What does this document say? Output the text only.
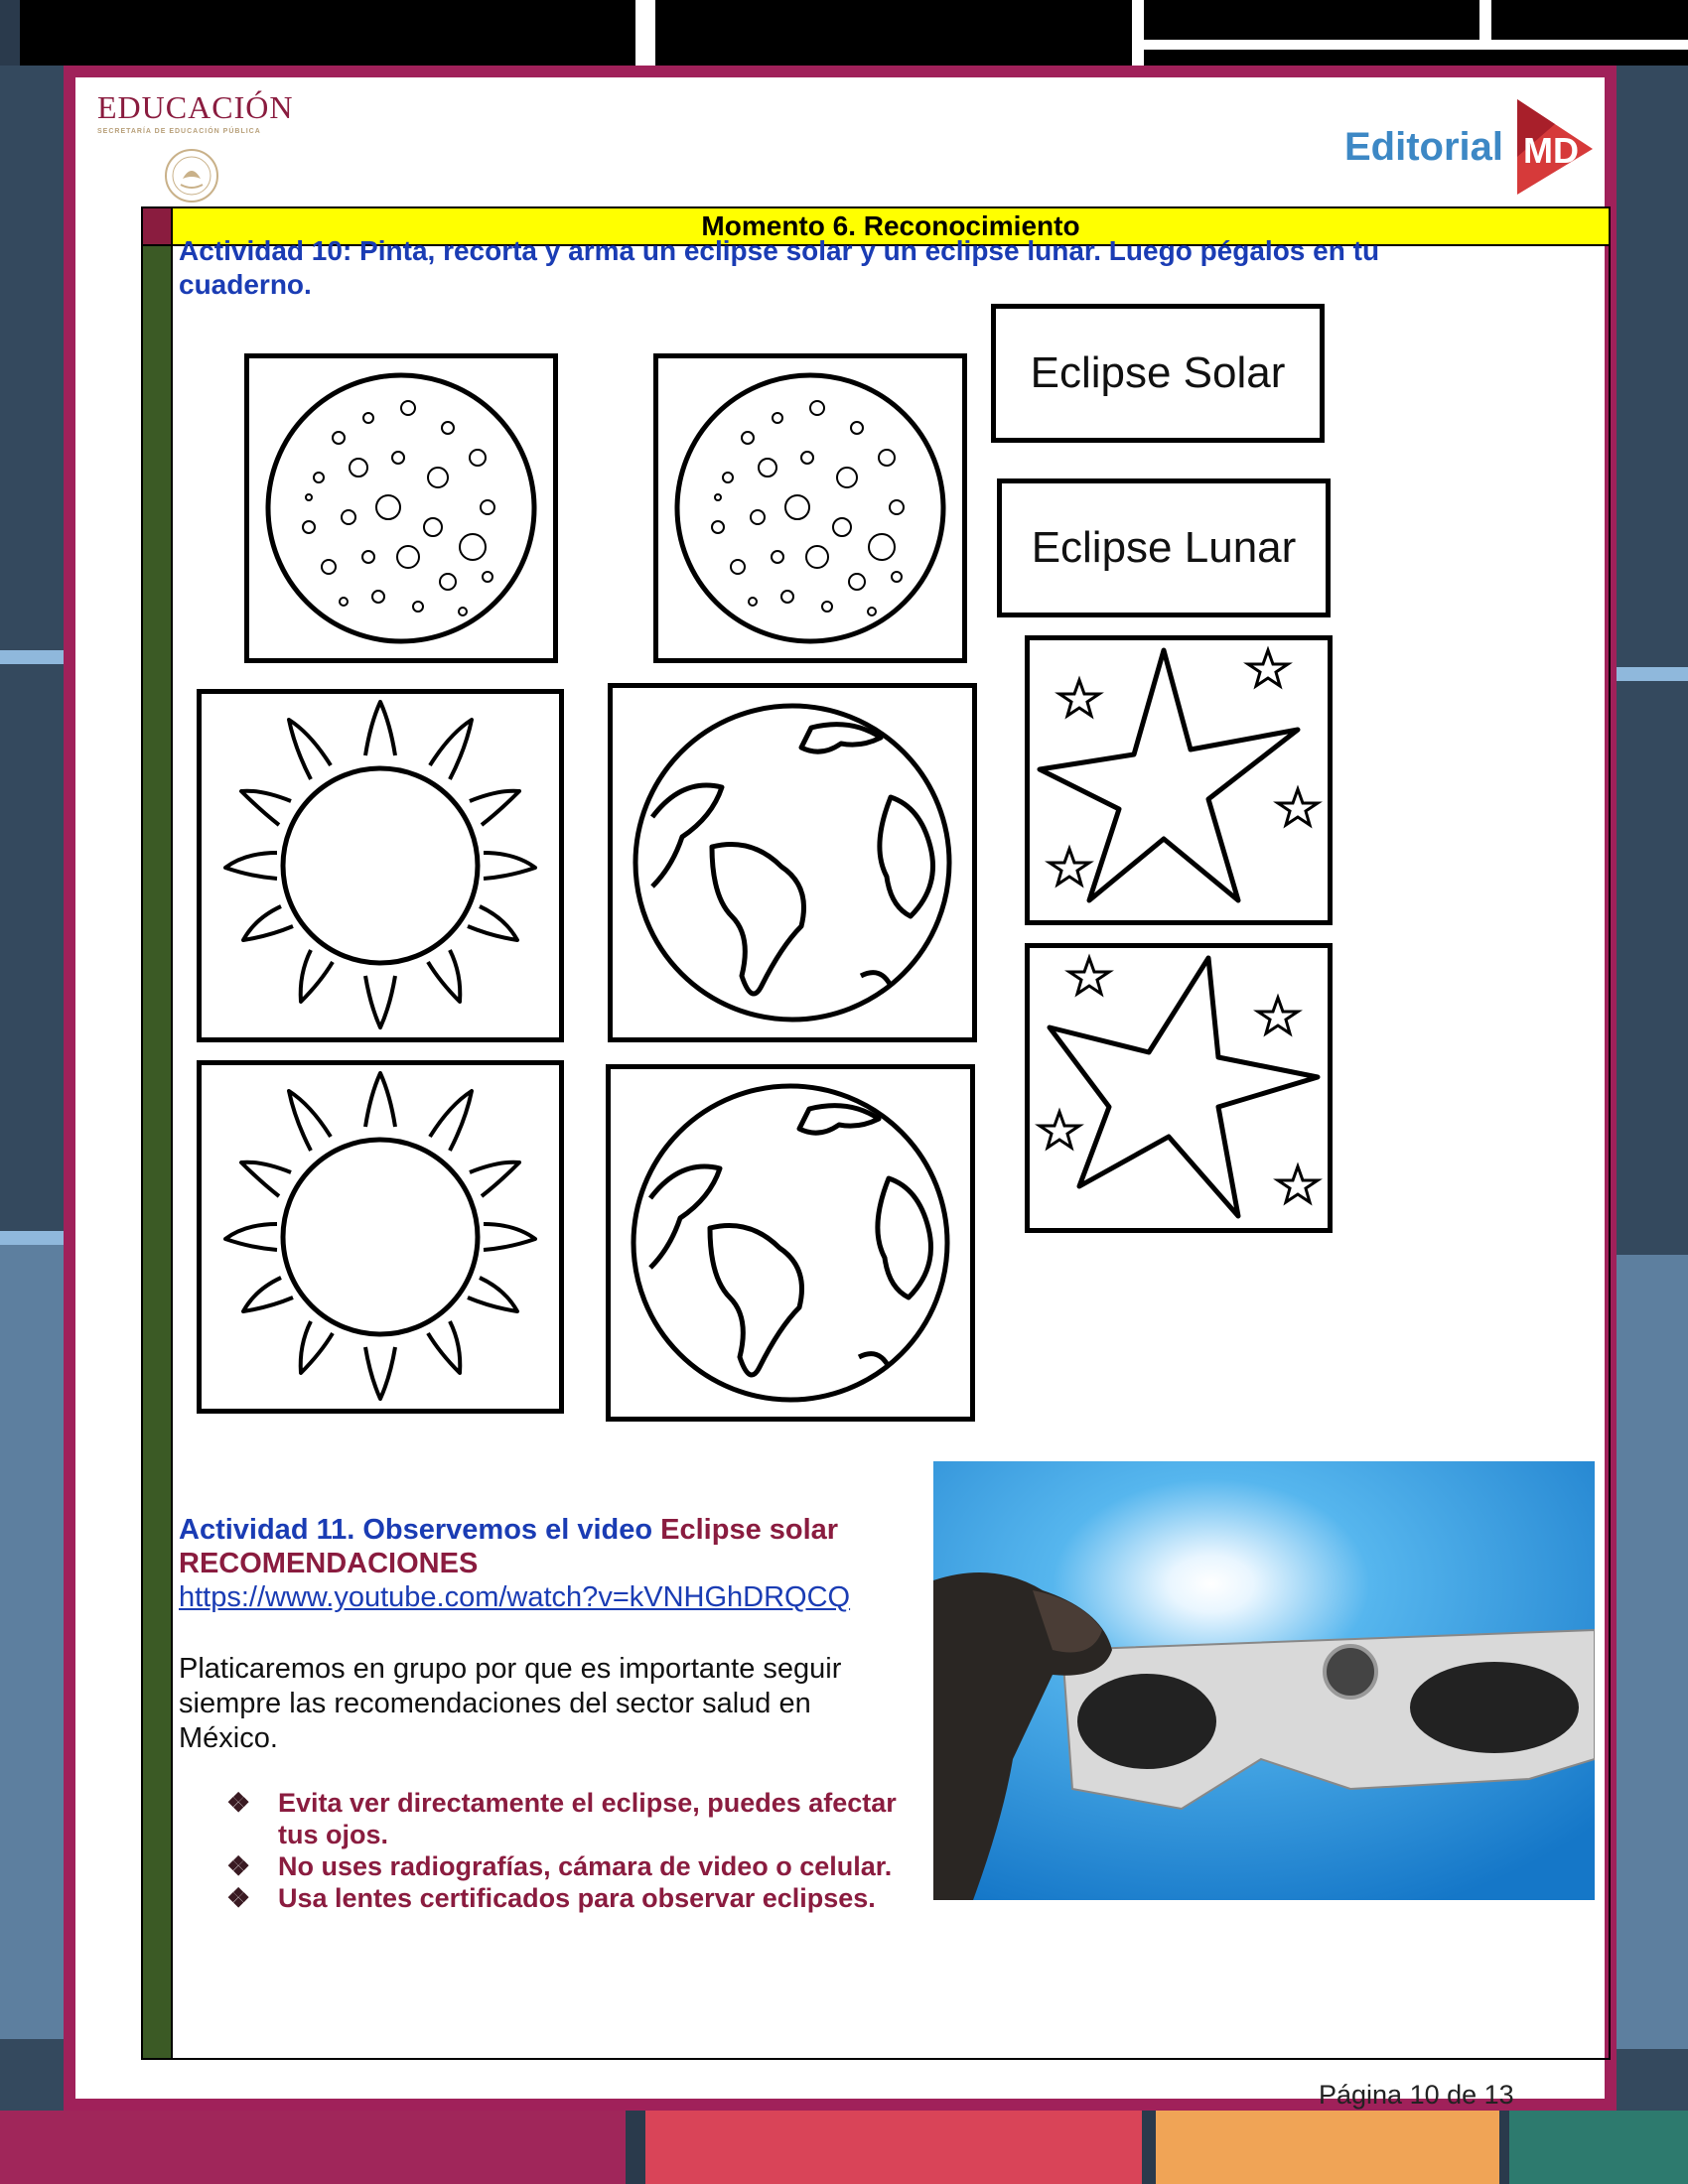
EDUCACIÓN
SECRETARÍA DE EDUCACIÓN PÚBLICA	Editorial MD
Momento 6. Reconocimiento
Actividad 10: Pinta, recorta y arma un eclipse solar y un eclipse lunar. Luego pégalos en tu cuaderno.
Eclipse Solar
Eclipse Lunar
Actividad 11. Observemos el video Eclipse solar
RECOMENDACIONES
https://www.youtube.com/watch?v=kVNHGhDRQCQ
Platicaremos en grupo por que es importante seguir siempre las recomendaciones del sector salud en México.
❖ Evita ver directamente el eclipse, puedes afectar tus ojos.
❖ No uses radiografías, cámara de video o celular.
❖ Usa lentes certificados para observar eclipses.
Página 10 de 13
